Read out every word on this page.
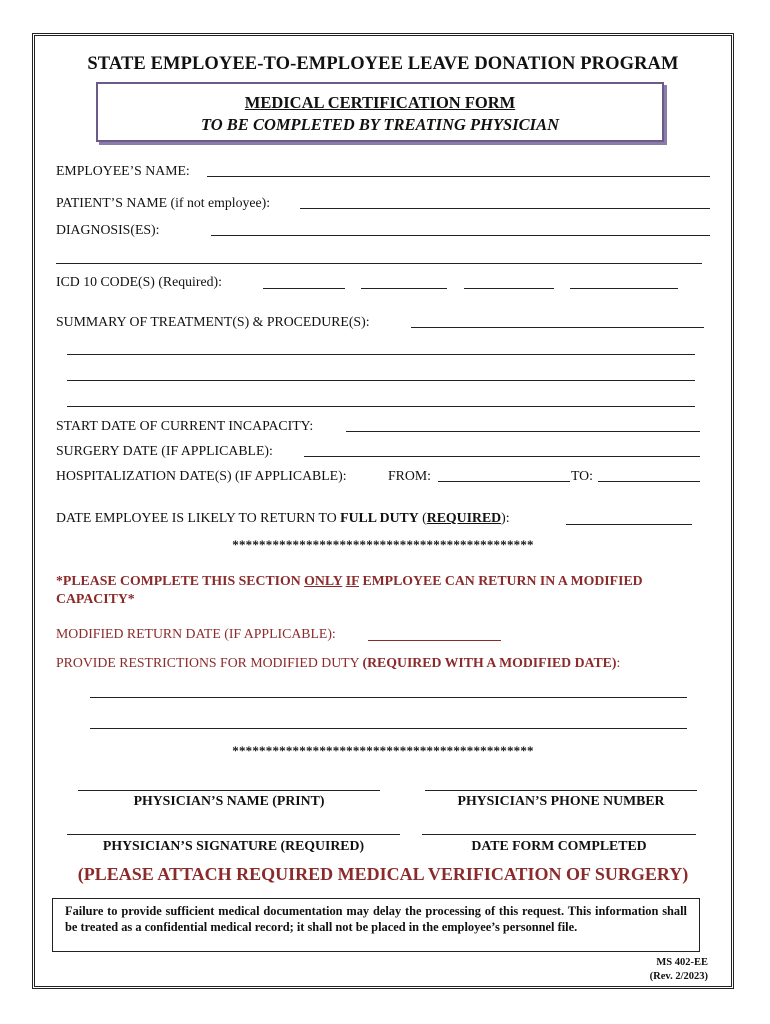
STATE EMPLOYEE-TO-EMPLOYEE LEAVE DONATION PROGRAM
MEDICAL CERTIFICATION FORM
TO BE COMPLETED BY TREATING PHYSICIAN
EMPLOYEE’S NAME:
PATIENT’S NAME (if not employee):
DIAGNOSIS(ES):
ICD 10 CODE(S) (Required):
SUMMARY OF TREATMENT(S) & PROCEDURE(S):
START DATE OF CURRENT INCAPACITY:
SURGERY DATE (IF APPLICABLE):
HOSPITALIZATION DATE(S) (IF APPLICABLE):	FROM:	TO:
DATE EMPLOYEE IS LIKELY TO RETURN TO FULL DUTY (REQUIRED):
*********************************************
*PLEASE COMPLETE THIS SECTION ONLY IF EMPLOYEE CAN RETURN IN A MODIFIED
CAPACITY*
MODIFIED RETURN DATE (IF APPLICABLE):
PROVIDE RESTRICTIONS FOR MODIFIED DUTY (REQUIRED WITH A MODIFIED DATE):
*********************************************
PHYSICIAN’S NAME (PRINT)	PHYSICIAN’S PHONE NUMBER
PHYSICIAN’S SIGNATURE (REQUIRED)	DATE FORM COMPLETED
(PLEASE ATTACH REQUIRED MEDICAL VERIFICATION OF SURGERY)
Failure to provide sufficient medical documentation may delay the processing of this request. This information shall be treated as a confidential medical record; it shall not be placed in the employee’s personnel file.
MS 402-EE
(Rev. 2/2023)
